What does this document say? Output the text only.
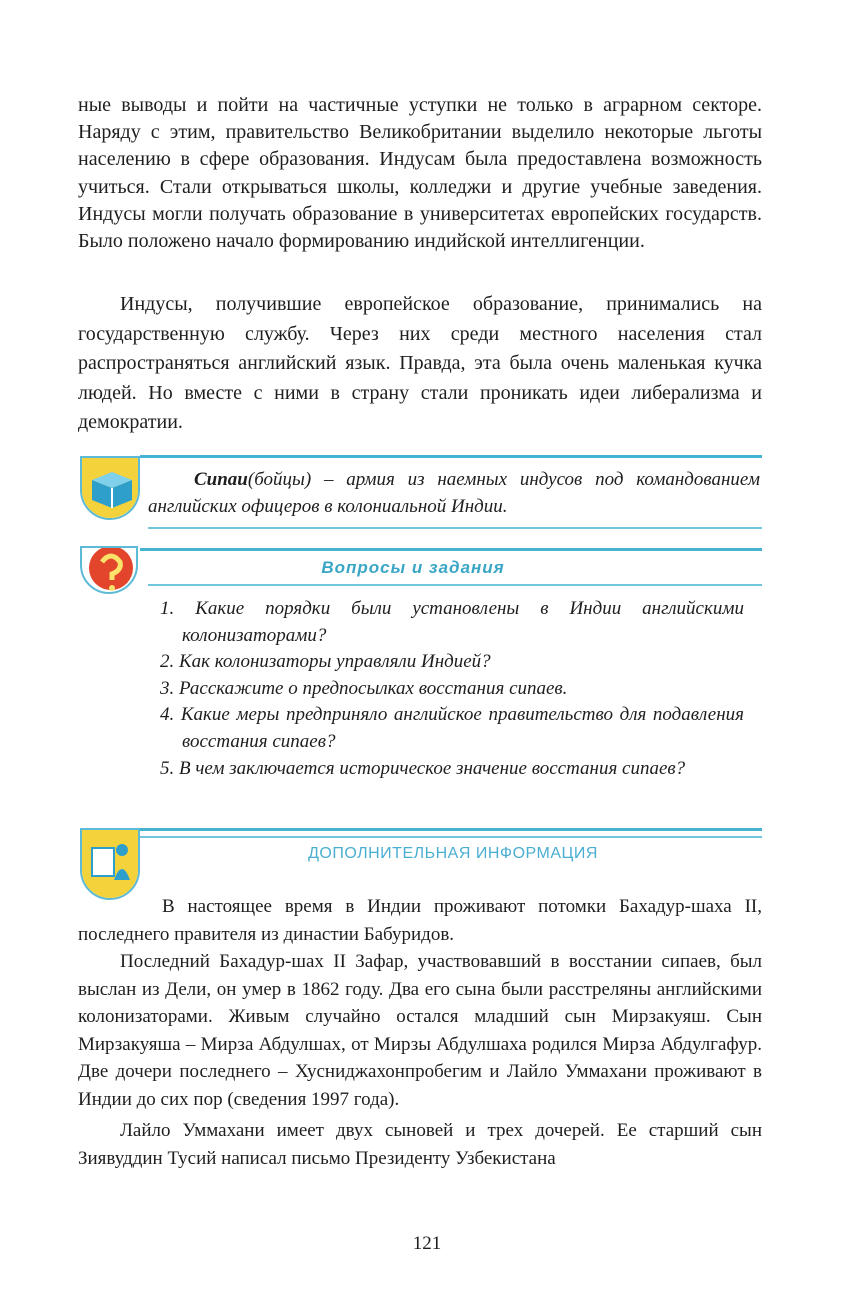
ные выводы и пойти на частичные уступки не только в аграрном секторе. Наряду с этим, правительство Великобритании выделило некоторые льготы населению в сфере образования. Индусам была предоставлена возможность учиться. Стали открываться школы, колледжи и другие учебные заведения. Индусы могли получать образование в университетах европейских государств. Было положено начало формированию индийской интеллигенции.

Индусы, получившие европейское образование, принимались на государственную службу. Через них среди местного населения стал распространяться английский язык. Правда, эта была очень маленькая кучка людей. Но вместе с ними в страну стали проникать идеи либерализма и демократии.

Сипаи(бойцы) – армия из наемных индусов под командованием английских офицеров в колониальной Индии.

Вопросы и задания
1. Какие порядки были установлены в Индии английскими колонизаторами?
2. Как колонизаторы управляли Индией?
3. Расскажите о предпосылках восстания сипаев.
4. Какие меры предприняло английское правительство для подавления восстания сипаев?
5. В чем заключается историческое значение восстания сипаев?
ДОПОЛНИТЕЛЬНАЯ ИНФОРМАЦИЯ

В настоящее время в Индии проживают потомки Бахадур-шаха II, последнего правителя из династии Бабуридов.

Последний Бахадур-шах II Зафар, участвовавший в восстании сипаев, был выслан из Дели, он умер в 1862 году. Два его сына были расстреляны английскими колонизаторами. Живым случайно остался младший сын Мирзакуяш. Сын Мирзакуяша – Мирза Абдулшах, от Мирзы Абдулшаха родился Мирза Абдулгафур. Две дочери последнего – Хусниджахонпробегим и Лайло Уммахани проживают в Индии до сих пор (сведения 1997 года).

Лайло Уммахани имеет двух сыновей и трех дочерей. Ее старший сын Зиявуддин Тусий написал письмо Президенту Узбекистана

121
